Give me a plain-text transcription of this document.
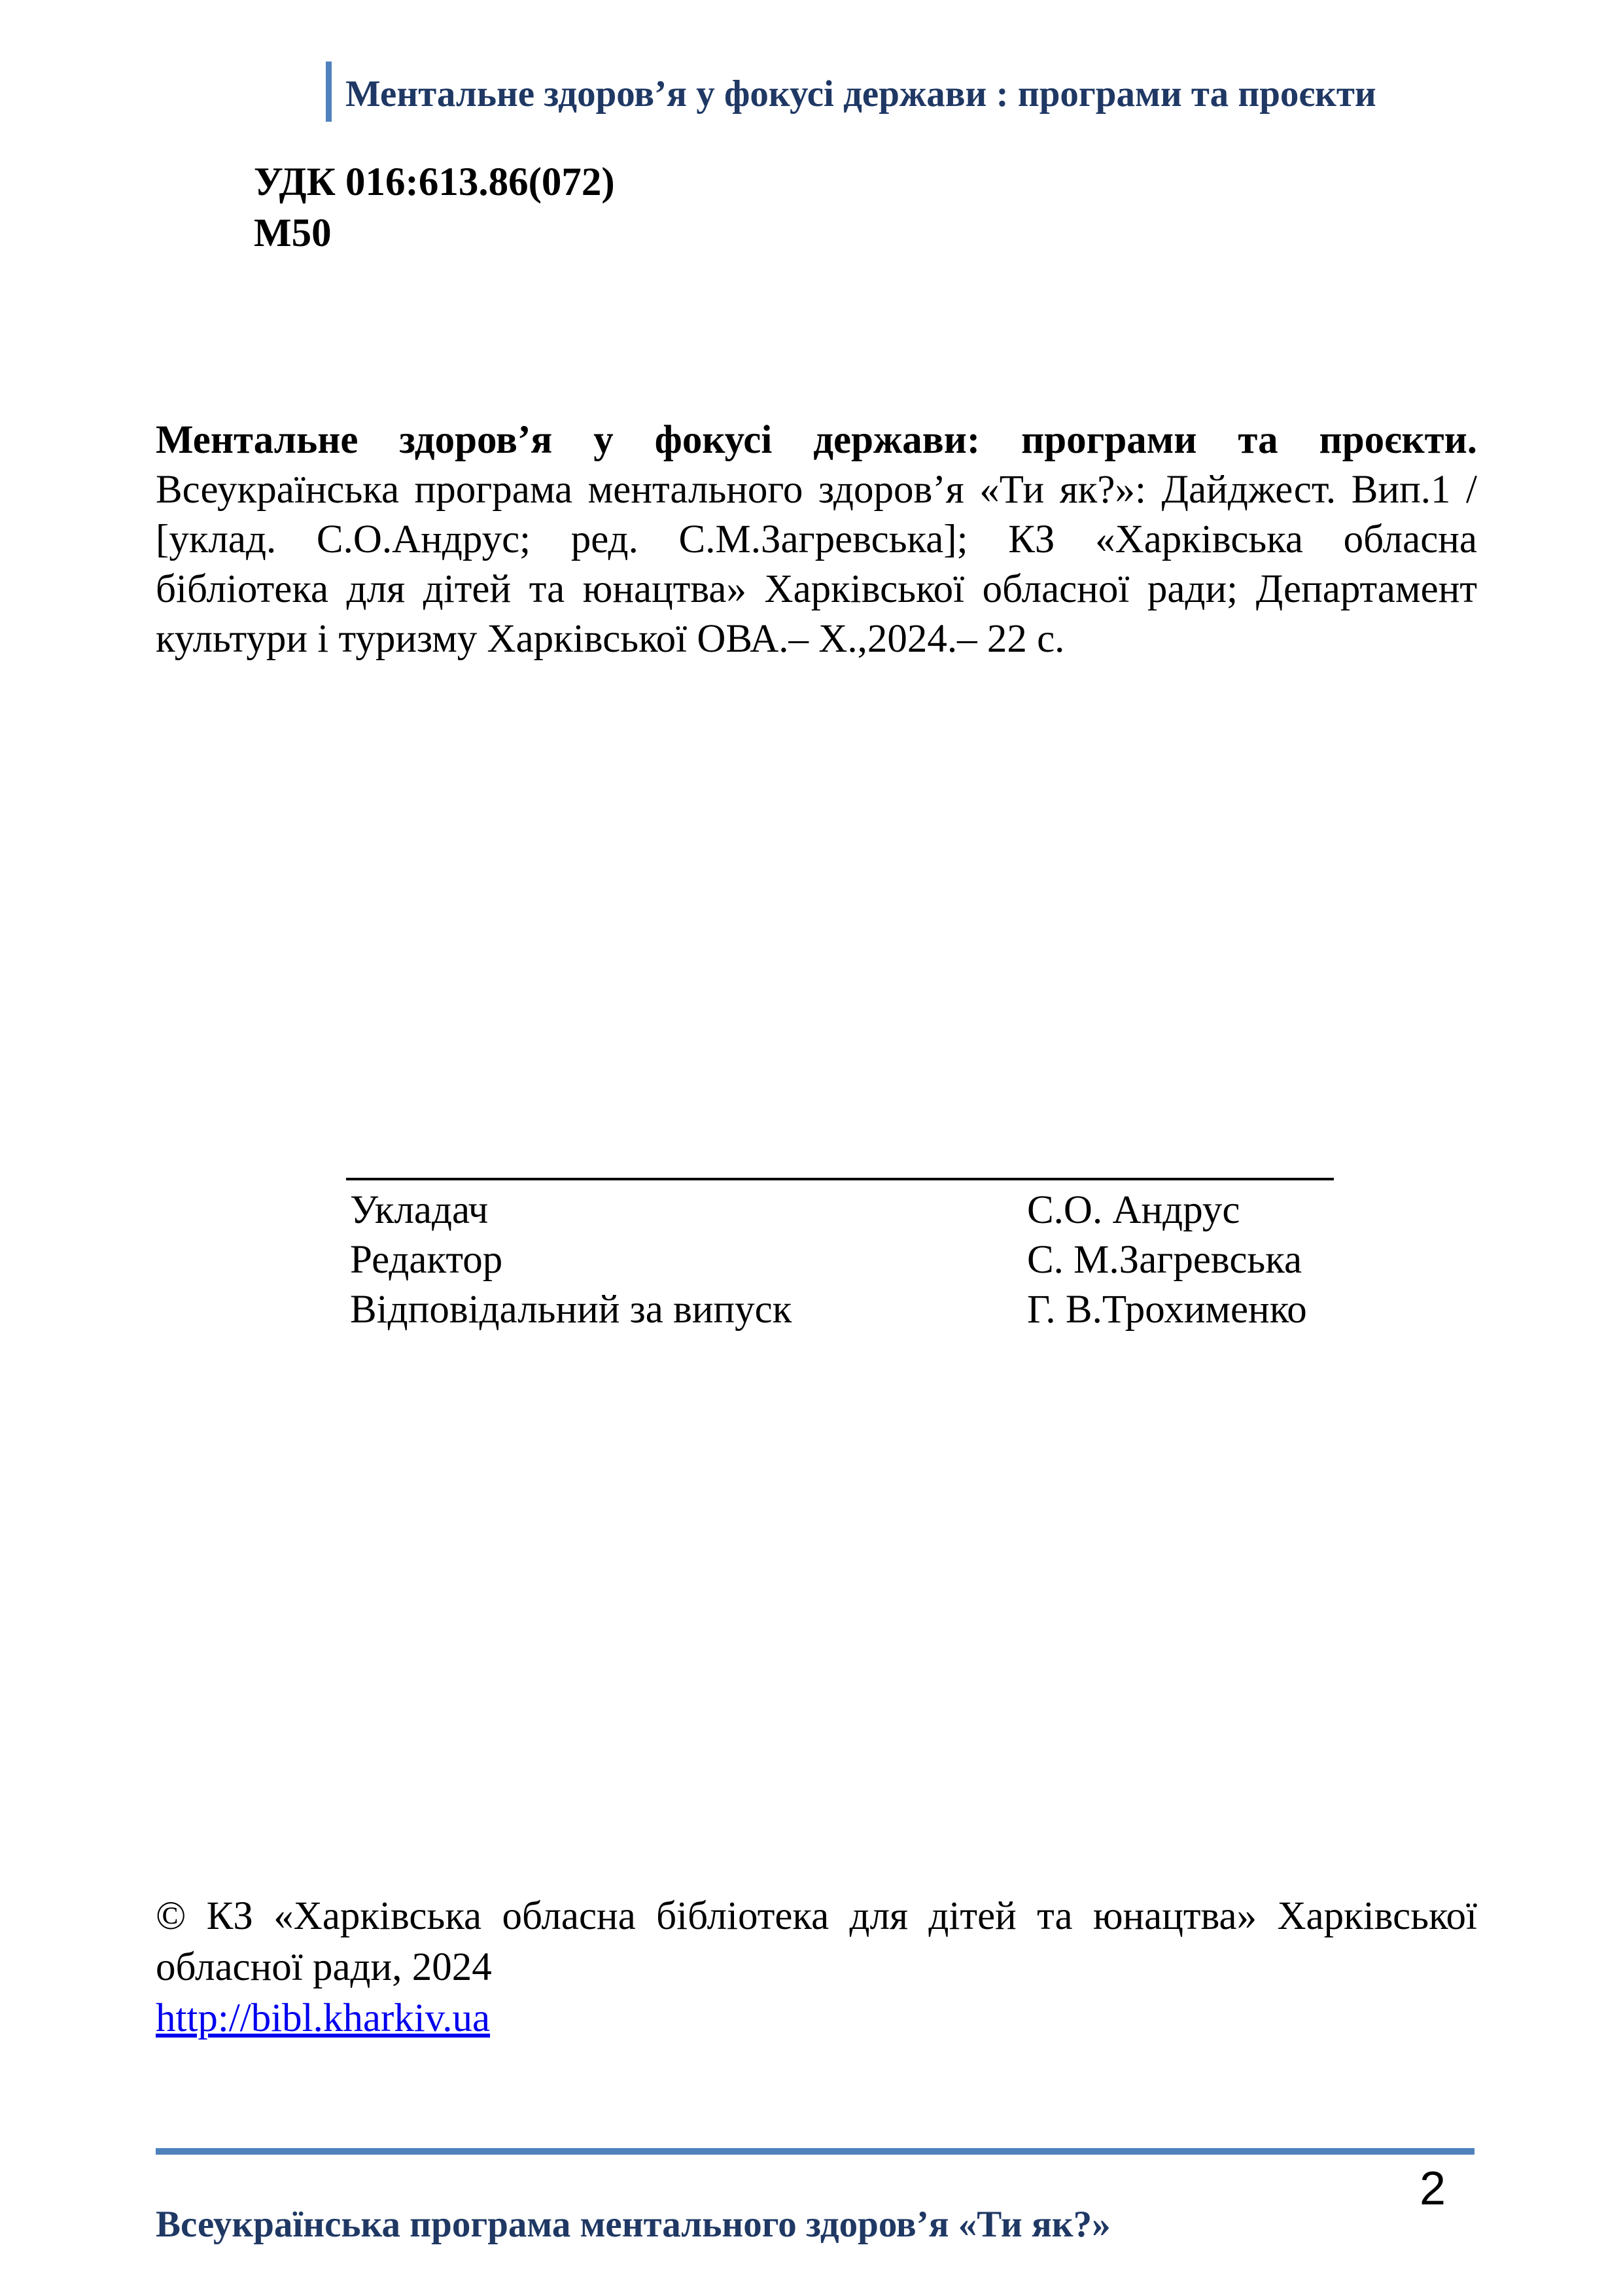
Ментальне здоров’я у фокусі держави : програми та проєкти
УДК 016:613.86(072)
М50
Ментальне здоров’я у фокусі держави: програми та проєкти. Всеукраїнська програма ментального здоров’я «Ти як?»: Дайджест. Вип.1 / [уклад. С.О.Андрус; ред. С.М.Загревська]; КЗ «Харківська обласна бібліотека для дітей та юнацтва» Харківської обласної ради; Департамент культури і туризму Харківської ОВА.– Х.,2024.– 22 с.
Укладач	С.О. Андрус
Редактор	С. М.Загревська
Відповідальний за випуск	Г. В.Трохименко
© КЗ «Харківська обласна бібліотека для дітей та юнацтва» Харківської обласної ради, 2024
http://bibl.kharkiv.ua
2
Всеукраїнська програма ментального здоров’я «Ти як?»
